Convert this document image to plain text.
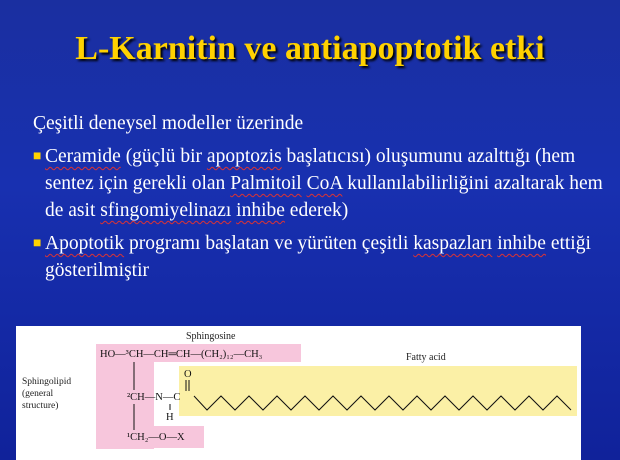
L-Karnitin ve antiapoptotik etki

Çeşitli deneysel modeller üzerinde

■ Ceramide (güçlü bir apoptozis başlatıcısı) oluşumunu azalttığı (hem sentez için gerekli olan Palmitoil CoA kullanılabilirliğini azaltarak hem de asit sfingomiyelinazı inhibe ederek)
■ Apoptotik programı başlatan ve yürüten çeşitli kaspazları inhibe ettiği gösterilmiştir
Sphingosine
Fatty acid
Sphingolipid
(general
structure)
HO—³CH—CH═CH—(CH₂)₁₂—CH₃
²CH—N—C
H
O
¹CH₂—O—X
